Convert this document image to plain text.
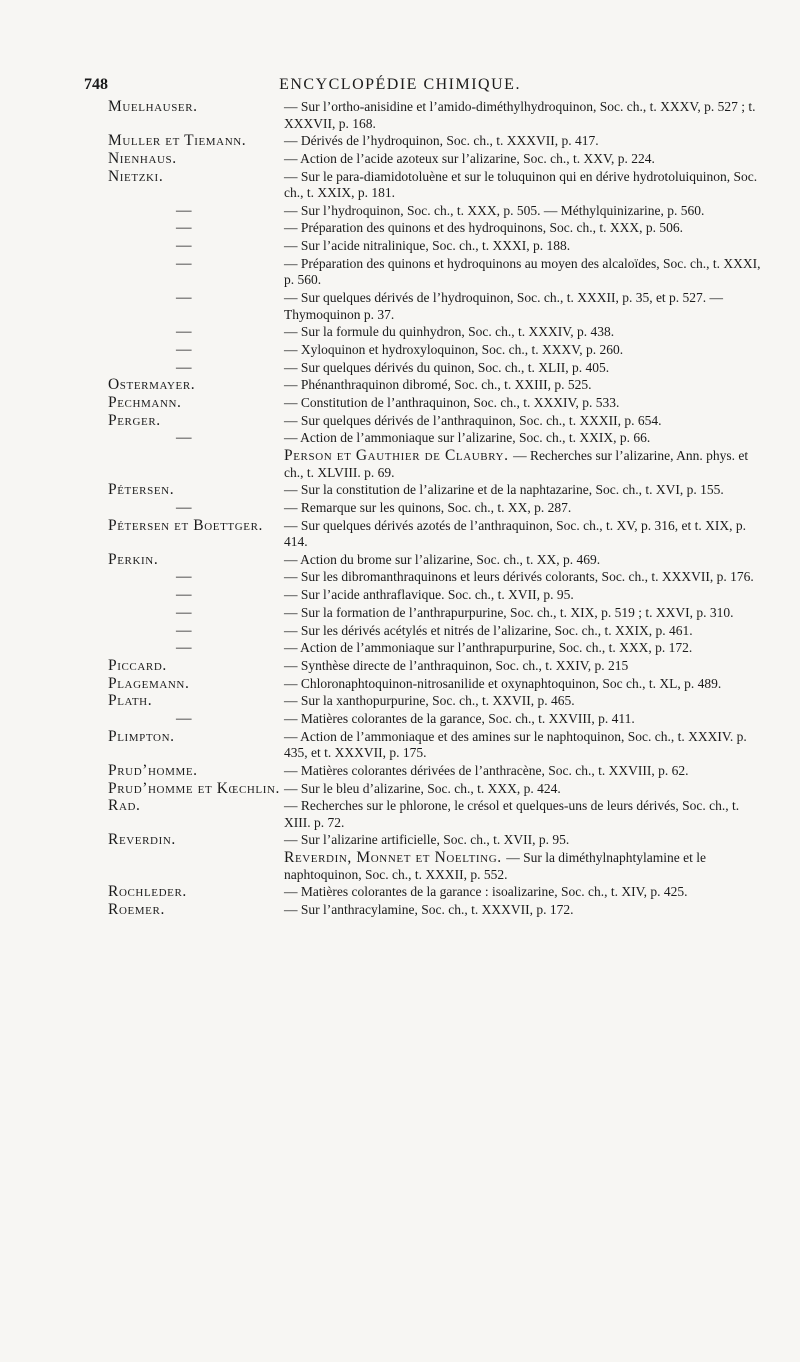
748	ENCYCLOPÉDIE CHIMIQUE.
Muelhauser.	— Sur l’ortho-anisidine et l’amido-diméthylhydroquinon, Soc. ch., t. XXXV, p. 527 ; t. XXXVII, p. 168.
Muller et Tiemann.	— Dérivés de l’hydroquinon, Soc. ch., t. XXXVII, p. 417.
Nienhaus.	— Action de l’acide azoteux sur l’alizarine, Soc. ch., t. XXV, p. 224.
Nietzki.	— Sur le para-diamidotoluène et sur le toluquinon qui en dérive hydrotoluiquinon, Soc. ch., t. XXIX, p. 181.
—	— Sur l’hydroquinon, Soc. ch., t. XXX, p. 505. — Méthylquinizarine, p. 560.
—	— Préparation des quinons et des hydroquinons, Soc. ch., t. XXX, p. 506.
—	— Sur l’acide nitralinique, Soc. ch., t. XXXI, p. 188.
—	— Préparation des quinons et hydroquinons au moyen des alcaloïdes, Soc. ch., t. XXXI, p. 560.
—	— Sur quelques dérivés de l’hydroquinon, Soc. ch., t. XXXII, p. 35, et p. 527. — Thymoquinon p. 37.
—	— Sur la formule du quinhydron, Soc. ch., t. XXXIV, p. 438.
—	— Xyloquinon et hydroxyloquinon, Soc. ch., t. XXXV, p. 260.
—	— Sur quelques dérivés du quinon, Soc. ch., t. XLII, p. 405.
Ostermayer.	— Phénanthraquinon dibromé, Soc. ch., t. XXIII, p. 525.
Pechmann.	— Constitution de l’anthraquinon, Soc. ch., t. XXXIV, p. 533.
Perger.	— Sur quelques dérivés de l’anthraquinon, Soc. ch., t. XXXII, p. 654.
—	— Action de l’ammoniaque sur l’alizarine, Soc. ch., t. XXIX, p. 66.
Person et Gauthier de Claubry. — Recherches sur l’alizarine, Ann. phys. et ch., t. XLVIII. p. 69.
Pétersen.	— Sur la constitution de l’alizarine et de la naphtazarine, Soc. ch., t. XVI, p. 155.
—	— Remarque sur les quinons, Soc. ch., t. XX, p. 287.
Pétersen et Boettger. — Sur quelques dérivés azotés de l’anthraquinon, Soc. ch., t. XV, p. 316, et t. XIX, p. 414.
Perkin.	— Action du brome sur l’alizarine, Soc. ch., t. XX, p. 469.
—	— Sur les dibromanthraquinons et leurs dérivés colorants, Soc. ch., t. XXXVII, p. 176.
—	— Sur l’acide anthraflavique. Soc. ch., t. XVII, p. 95.
—	— Sur la formation de l’anthrapurpurine, Soc. ch., t. XIX, p. 519 ; t. XXVI, p. 310.
—	— Sur les dérivés acétylés et nitrés de l’alizarine, Soc. ch., t. XXIX, p. 461.
—	— Action de l’ammoniaque sur l’anthrapurpurine, Soc. ch., t. XXX, p. 172.
Piccard.	— Synthèse directe de l’anthraquinon, Soc. ch., t. XXIV, p. 215
Plagemann.	— Chloronaphtoquinon-nitrosanilide et oxynaphtoquinon, Soc ch., t. XL, p. 489.
Plath.	— Sur la xanthopurpurine, Soc. ch., t. XXVII, p. 465.
—	— Matières colorantes de la garance, Soc. ch., t. XXVIII, p. 411.
Plimpton.	— Action de l’ammoniaque et des amines sur le naphtoquinon, Soc. ch., t. XXXIV. p. 435, et t. XXXVII, p. 175.
Prud’homme.	— Matières colorantes dérivées de l’anthracène, Soc. ch., t. XXVIII, p. 62.
Prud’homme et Kœchlin. — Sur le bleu d’alizarine, Soc. ch., t. XXX, p. 424.
Rad.	— Recherches sur le phlorone, le crésol et quelques-uns de leurs dérivés, Soc. ch., t. XIII. p. 72.
Reverdin.	— Sur l’alizarine artificielle, Soc. ch., t. XVII, p. 95.
Reverdin, Monnet et Noelting. — Sur la diméthylnaphtylamine et le naphtoquinon, Soc. ch., t. XXXII, p. 552.
Rochleder.	— Matières colorantes de la garance : isoalizarine, Soc. ch., t. XIV, p. 425.
Roemer.	— Sur l’anthracylamine, Soc. ch., t. XXXVII, p. 172.
